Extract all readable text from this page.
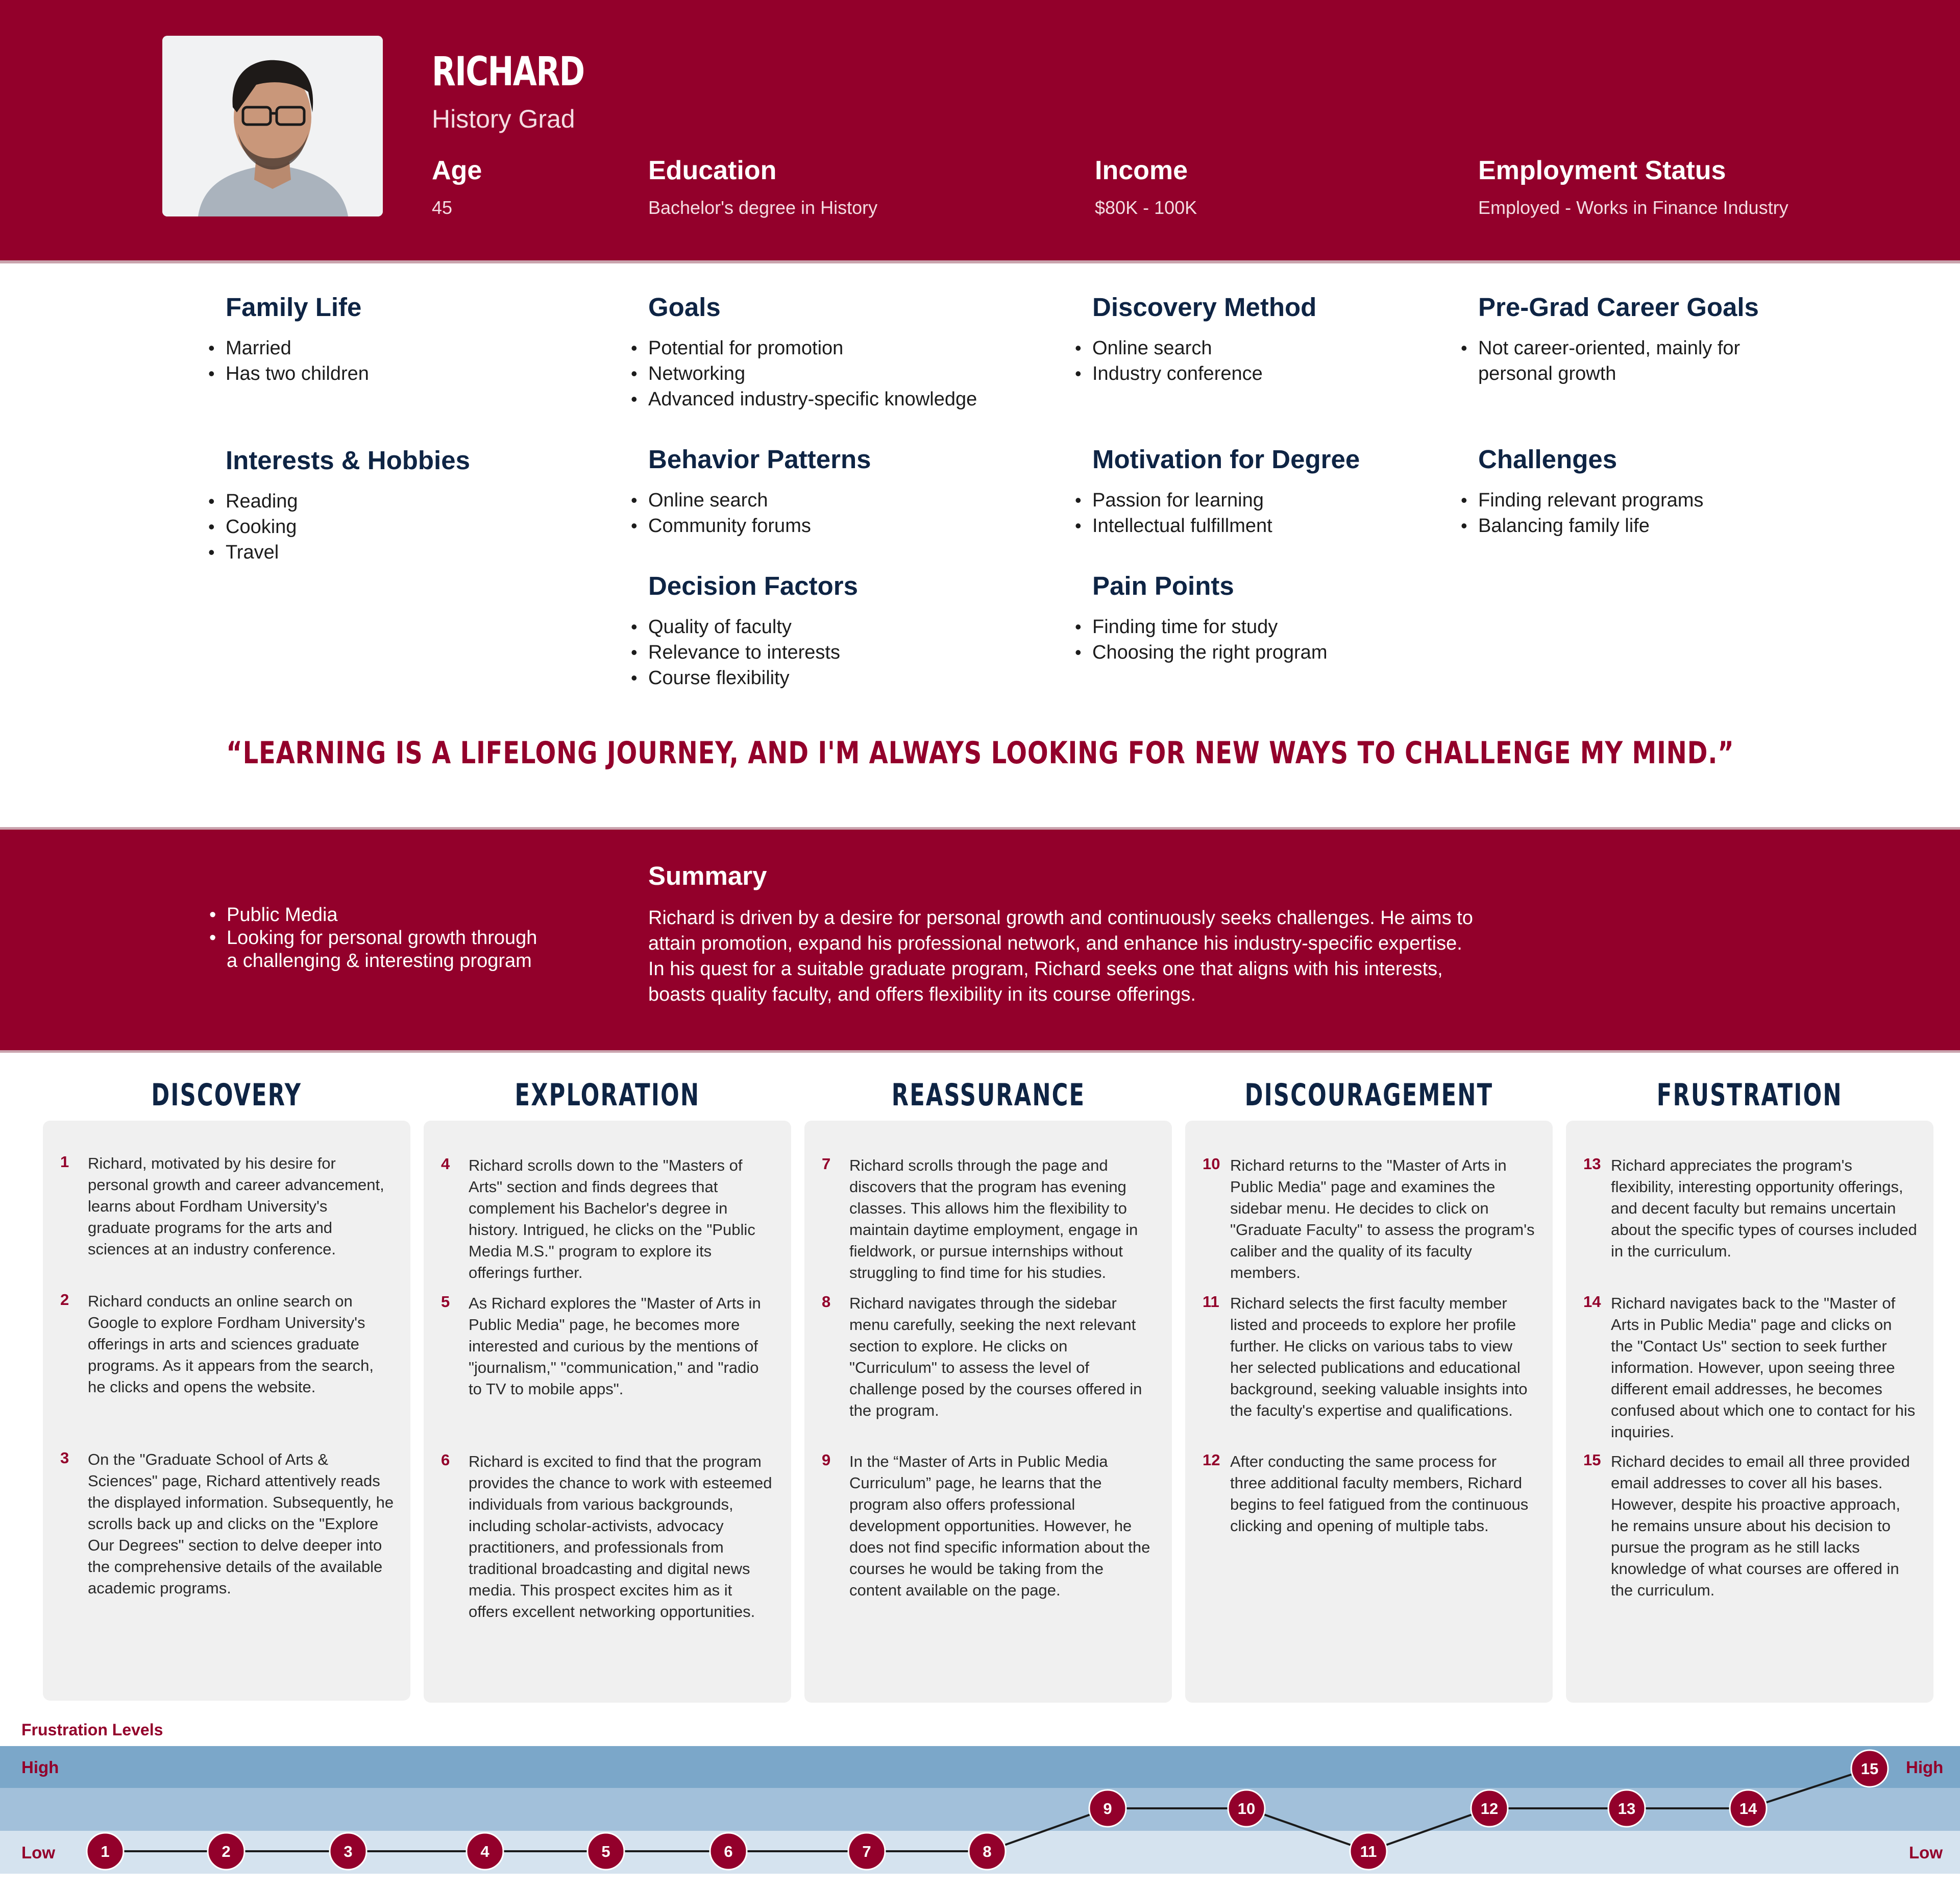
RICHARD
History Grad
Age
45
Education
Bachelor's degree in History
Income
$80K - 100K
Employment Status
Employed - Works in Finance Industry
Family Life
• Married
• Has two children
Goals
• Potential for promotion
• Networking
• Advanced industry-specific knowledge
Discovery Method
• Online search
• Industry conference
Pre-Grad Career Goals
• Not career-oriented, mainly for
personal growth
Interests & Hobbies
• Reading
• Cooking
• Travel
Behavior Patterns
• Online search
• Community forums
Motivation for Degree
• Passion for learning
• Intellectual fulfillment
Challenges
• Finding relevant programs
• Balancing family life
Decision Factors
• Quality of faculty
• Relevance to interests
• Course flexibility
Pain Points
• Finding time for study
• Choosing the right program
“LEARNING IS A LIFELONG JOURNEY, AND I'M ALWAYS LOOKING FOR NEW WAYS TO CHALLENGE MY MIND.”
• Public Media
• Looking for personal growth through
a challenging & interesting program
Summary
Richard is driven by a desire for personal growth and continuously seeks challenges. He aims to attain promotion, expand his professional network, and enhance his industry-specific expertise. In his quest for a suitable graduate program, Richard seeks one that aligns with his interests, boasts quality faculty, and offers flexibility in its course offerings.
DISCOVERY
1 Richard, motivated by his desire for personal growth and career advancement, learns about Fordham University's graduate programs for the arts and sciences at an industry conference.
2 Richard conducts an online search on Google to explore Fordham University's offerings in arts and sciences graduate programs. As it appears from the search, he clicks and opens the website.
3 On the "Graduate School of Arts & Sciences" page, Richard attentively reads the displayed information. Subsequently, he scrolls back up and clicks on the "Explore Our Degrees" section to delve deeper into the comprehensive details of the available academic programs.
EXPLORATION
4 Richard scrolls down to the "Masters of Arts" section and finds degrees that complement his Bachelor's degree in history. Intrigued, he clicks on the "Public Media M.S." program to explore its offerings further.
5 As Richard explores the "Master of Arts in Public Media" page, he becomes more interested and curious by the mentions of "journalism," "communication," and "radio to TV to mobile apps".
6 Richard is excited to find that the program provides the chance to work with esteemed individuals from various backgrounds, including scholar-activists, advocacy practitioners, and professionals from traditional broadcasting and digital news media. This prospect excites him as it offers excellent networking opportunities.
REASSURANCE
7 Richard scrolls through the page and discovers that the program has evening classes. This allows him the flexibility to maintain daytime employment, engage in fieldwork, or pursue internships without struggling to find time for his studies.
8 Richard navigates through the sidebar menu carefully, seeking the next relevant section to explore. He clicks on "Curriculum" to assess the level of challenge posed by the courses offered in the program.
9 In the “Master of Arts in Public Media Curriculum” page, he learns that the program also offers professional development opportunities. However, he does not find specific information about the courses he would be taking from the content available on the page.
DISCOURAGEMENT
10 Richard returns to the "Master of Arts in Public Media" page and examines the sidebar menu. He decides to click on "Graduate Faculty" to assess the program's caliber and the quality of its faculty members.
11 Richard selects the first faculty member listed and proceeds to explore her profile further. He clicks on various tabs to view her selected publications and educational background, seeking valuable insights into the faculty's expertise and qualifications.
12 After conducting the same process for three additional faculty members, Richard begins to feel fatigued from the continuous clicking and opening of multiple tabs.
FRUSTRATION
13 Richard appreciates the program's flexibility, interesting opportunity offerings, and decent faculty but remains uncertain about the specific types of courses included in the curriculum.
14 Richard navigates back to the "Master of Arts in Public Media" page and clicks on the "Contact Us" section to seek further information. However, upon seeing three different email addresses, he becomes confused about which one to contact for his inquiries.
15 Richard decides to email all three provided email addresses to cover all his bases. However, despite his proactive approach, he remains unsure about his decision to pursue the program as he still lacks knowledge of what courses are offered in the curriculum.
Frustration Levels
High	High
Low	Low
1	2	3	4	5	6	7	8
9	10
11
12	13	14
15
